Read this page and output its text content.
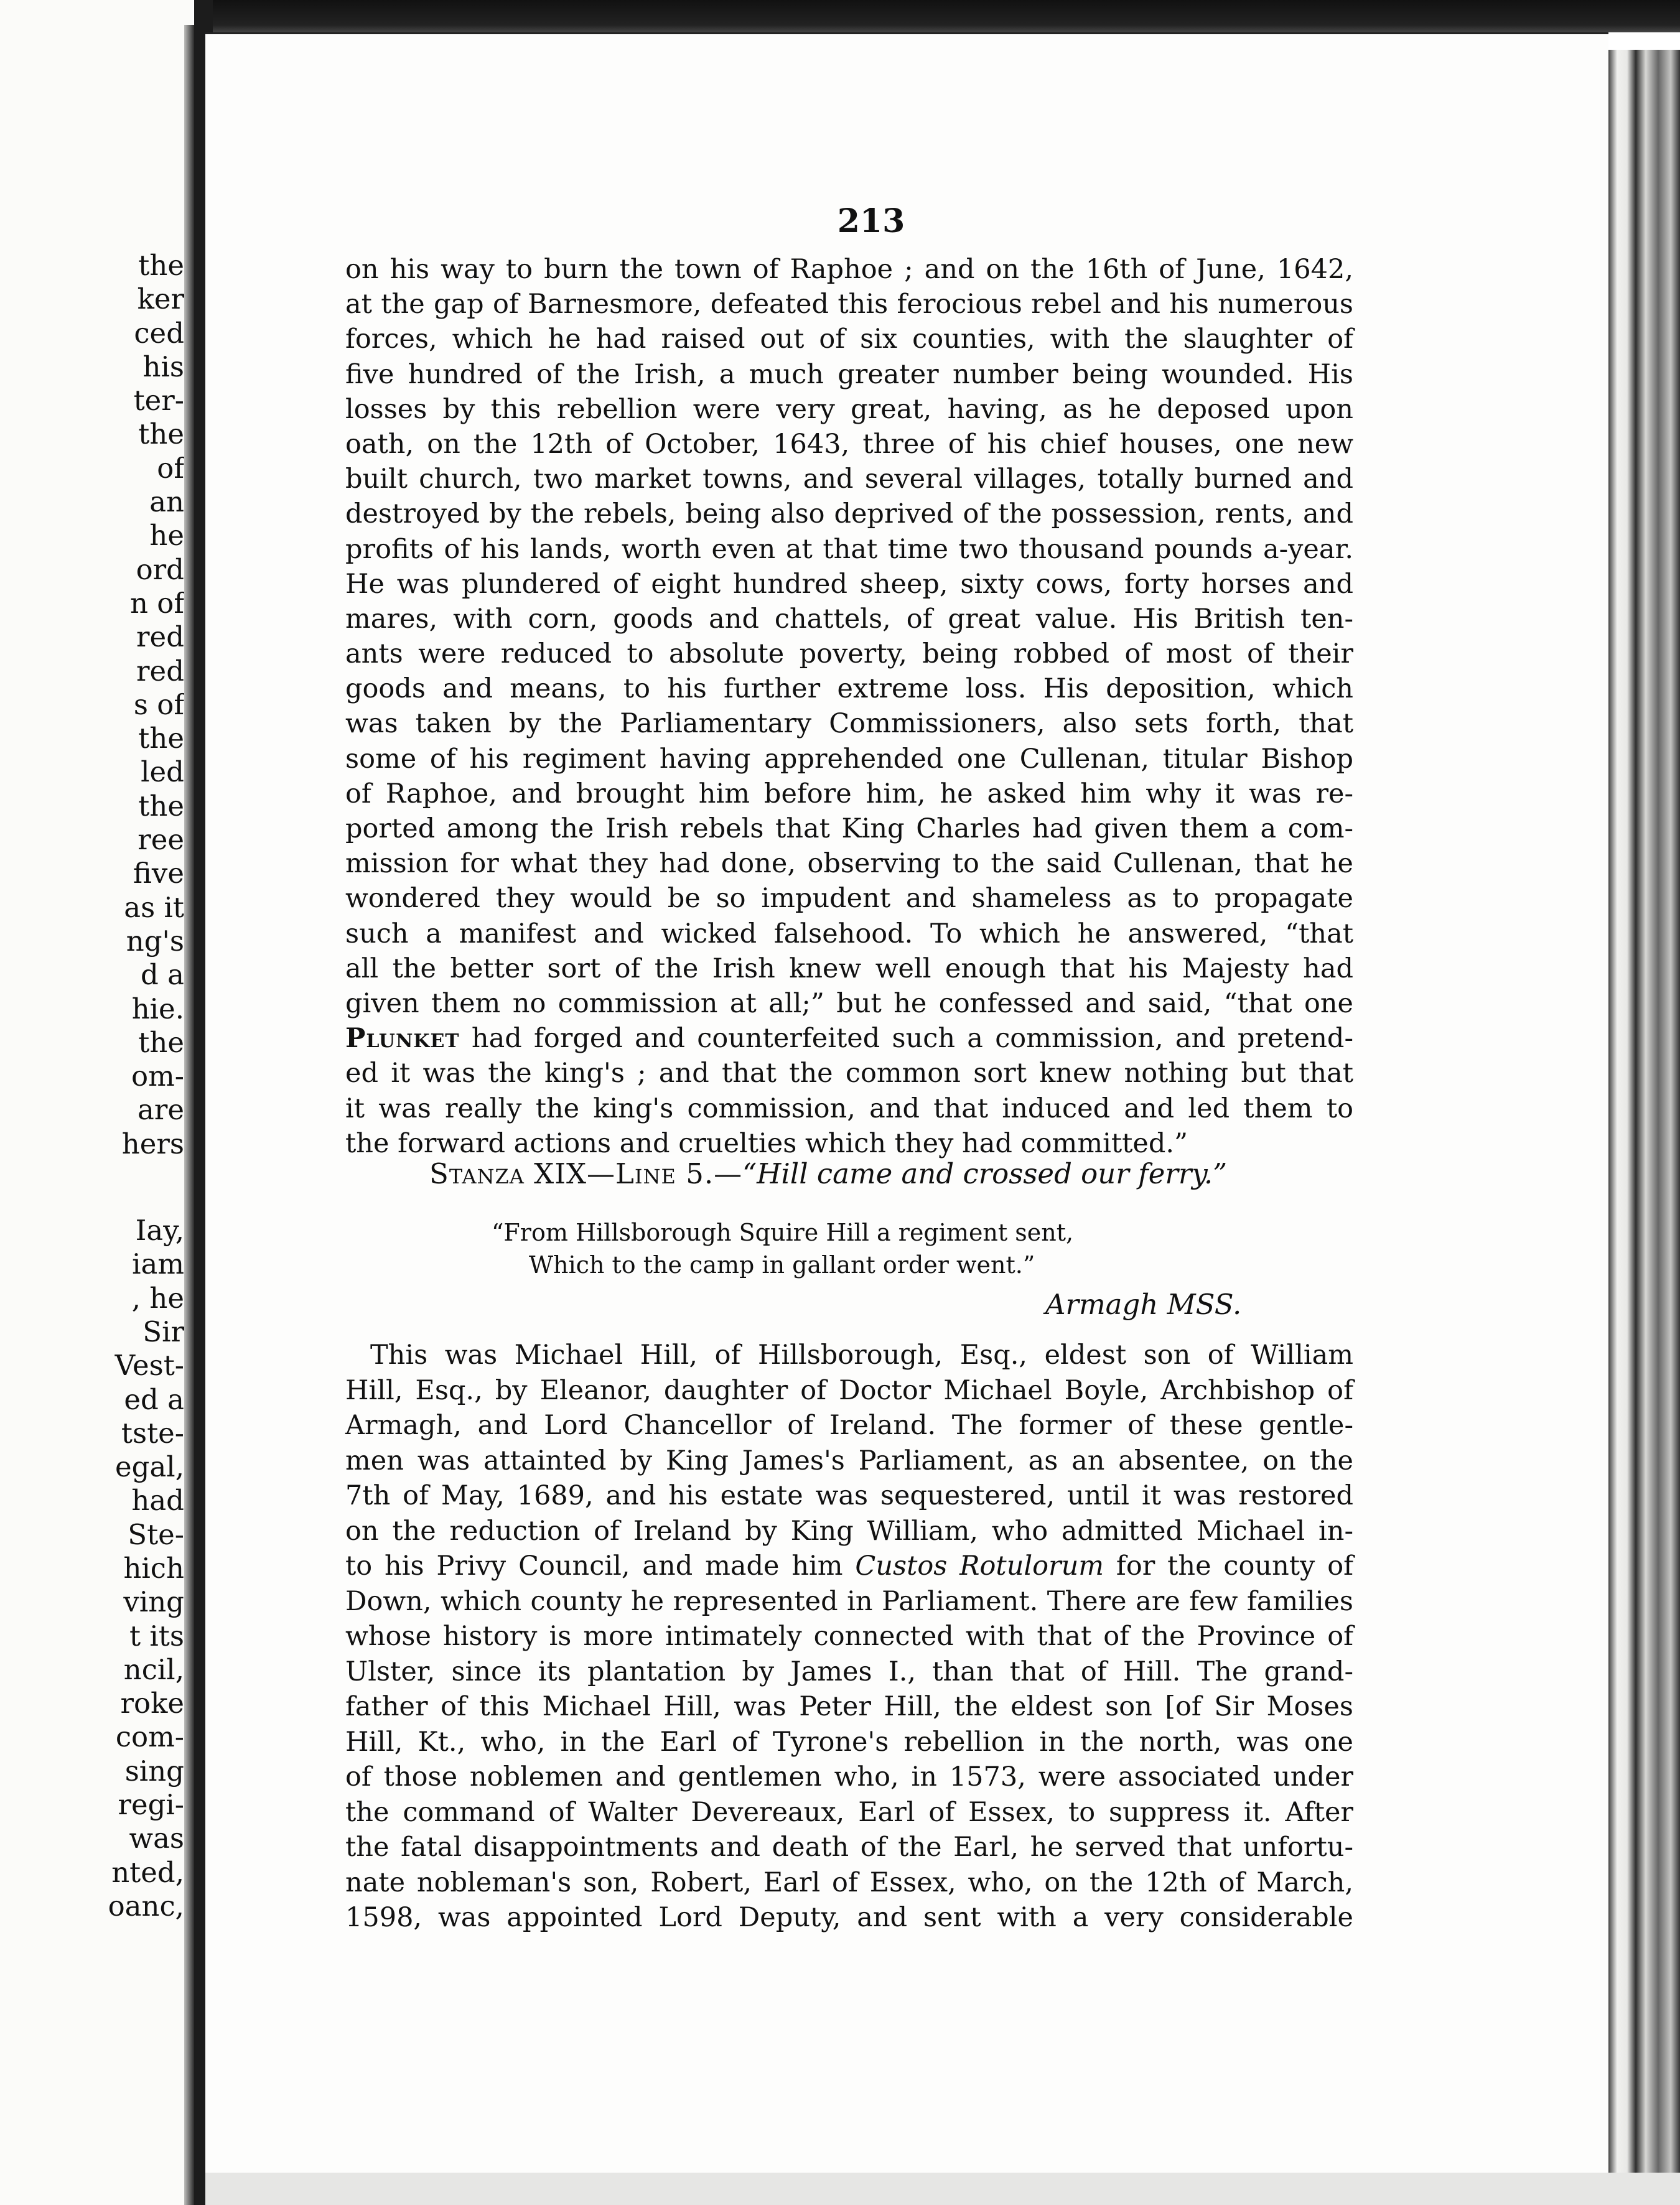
the
ker
ced
his
ter-
the
of
an
he
ord
n of
red
red
s of
the
led
the
ree
five
as it
ng's
d a
hie.
the
om-
are
hers
Iay,
iam
, he
Sir
Vest-
ed a
tste-
egal,
had
Ste-
hich
ving
t its
ncil,
roke
com-
sing
regi-
was
nted,
oanc,
213
on his way to burn the town of Raphoe ; and on the 16th of June, 1642,
at the gap of Barnesmore, defeated this ferocious rebel and his numerous
forces, which he had raised out of six counties, with the slaughter of
five hundred of the Irish, a much greater number being wounded. His
losses by this rebellion were very great, having, as he deposed upon
oath, on the 12th of October, 1643, three of his chief houses, one new
built church, two market towns, and several villages, totally burned and
destroyed by the rebels, being also deprived of the possession, rents, and
profits of his lands, worth even at that time two thousand pounds a-year.
He was plundered of eight hundred sheep, sixty cows, forty horses and
mares, with corn, goods and chattels, of great value. His British ten-
ants were reduced to absolute poverty, being robbed of most of their
goods and means, to his further extreme loss. His deposition, which
was taken by the Parliamentary Commissioners, also sets forth, that
some of his regiment having apprehended one Cullenan, titular Bishop
of Raphoe, and brought him before him, he asked him why it was re-
ported among the Irish rebels that King Charles had given them a com-
mission for what they had done, observing to the said Cullenan, that he
wondered they would be so impudent and shameless as to propagate
such a manifest and wicked falsehood. To which he answered, “that
all the better sort of the Irish knew well enough that his Majesty had
given them no commission at all;” but he confessed and said, “that one
Plunket had forged and counterfeited such a commission, and pretend-
ed it was the king's ; and that the common sort knew nothing but that
it was really the king's commission, and that induced and led them to
the forward actions and cruelties which they had committed.”
Stanza XIX—Line 5.—“Hill came and crossed our ferry.”
“From Hillsborough Squire Hill a regiment sent,
Which to the camp in gallant order went.”
Armagh MSS.
This was Michael Hill, of Hillsborough, Esq., eldest son of William
Hill, Esq., by Eleanor, daughter of Doctor Michael Boyle, Archbishop of
Armagh, and Lord Chancellor of Ireland. The former of these gentle-
men was attainted by King James's Parliament, as an absentee, on the
7th of May, 1689, and his estate was sequestered, until it was restored
on the reduction of Ireland by King William, who admitted Michael in-
to his Privy Council, and made him Custos Rotulorum for the county of
Down, which county he represented in Parliament. There are few families
whose history is more intimately connected with that of the Province of
Ulster, since its plantation by James I., than that of Hill. The grand-
father of this Michael Hill, was Peter Hill, the eldest son [of Sir Moses
Hill, Kt., who, in the Earl of Tyrone's rebellion in the north, was one
of those noblemen and gentlemen who, in 1573, were associated under
the command of Walter Devereaux, Earl of Essex, to suppress it. After
the fatal disappointments and death of the Earl, he served that unfortu-
nate nobleman's son, Robert, Earl of Essex, who, on the 12th of March,
1598, was appointed Lord Deputy, and sent with a very considerable
